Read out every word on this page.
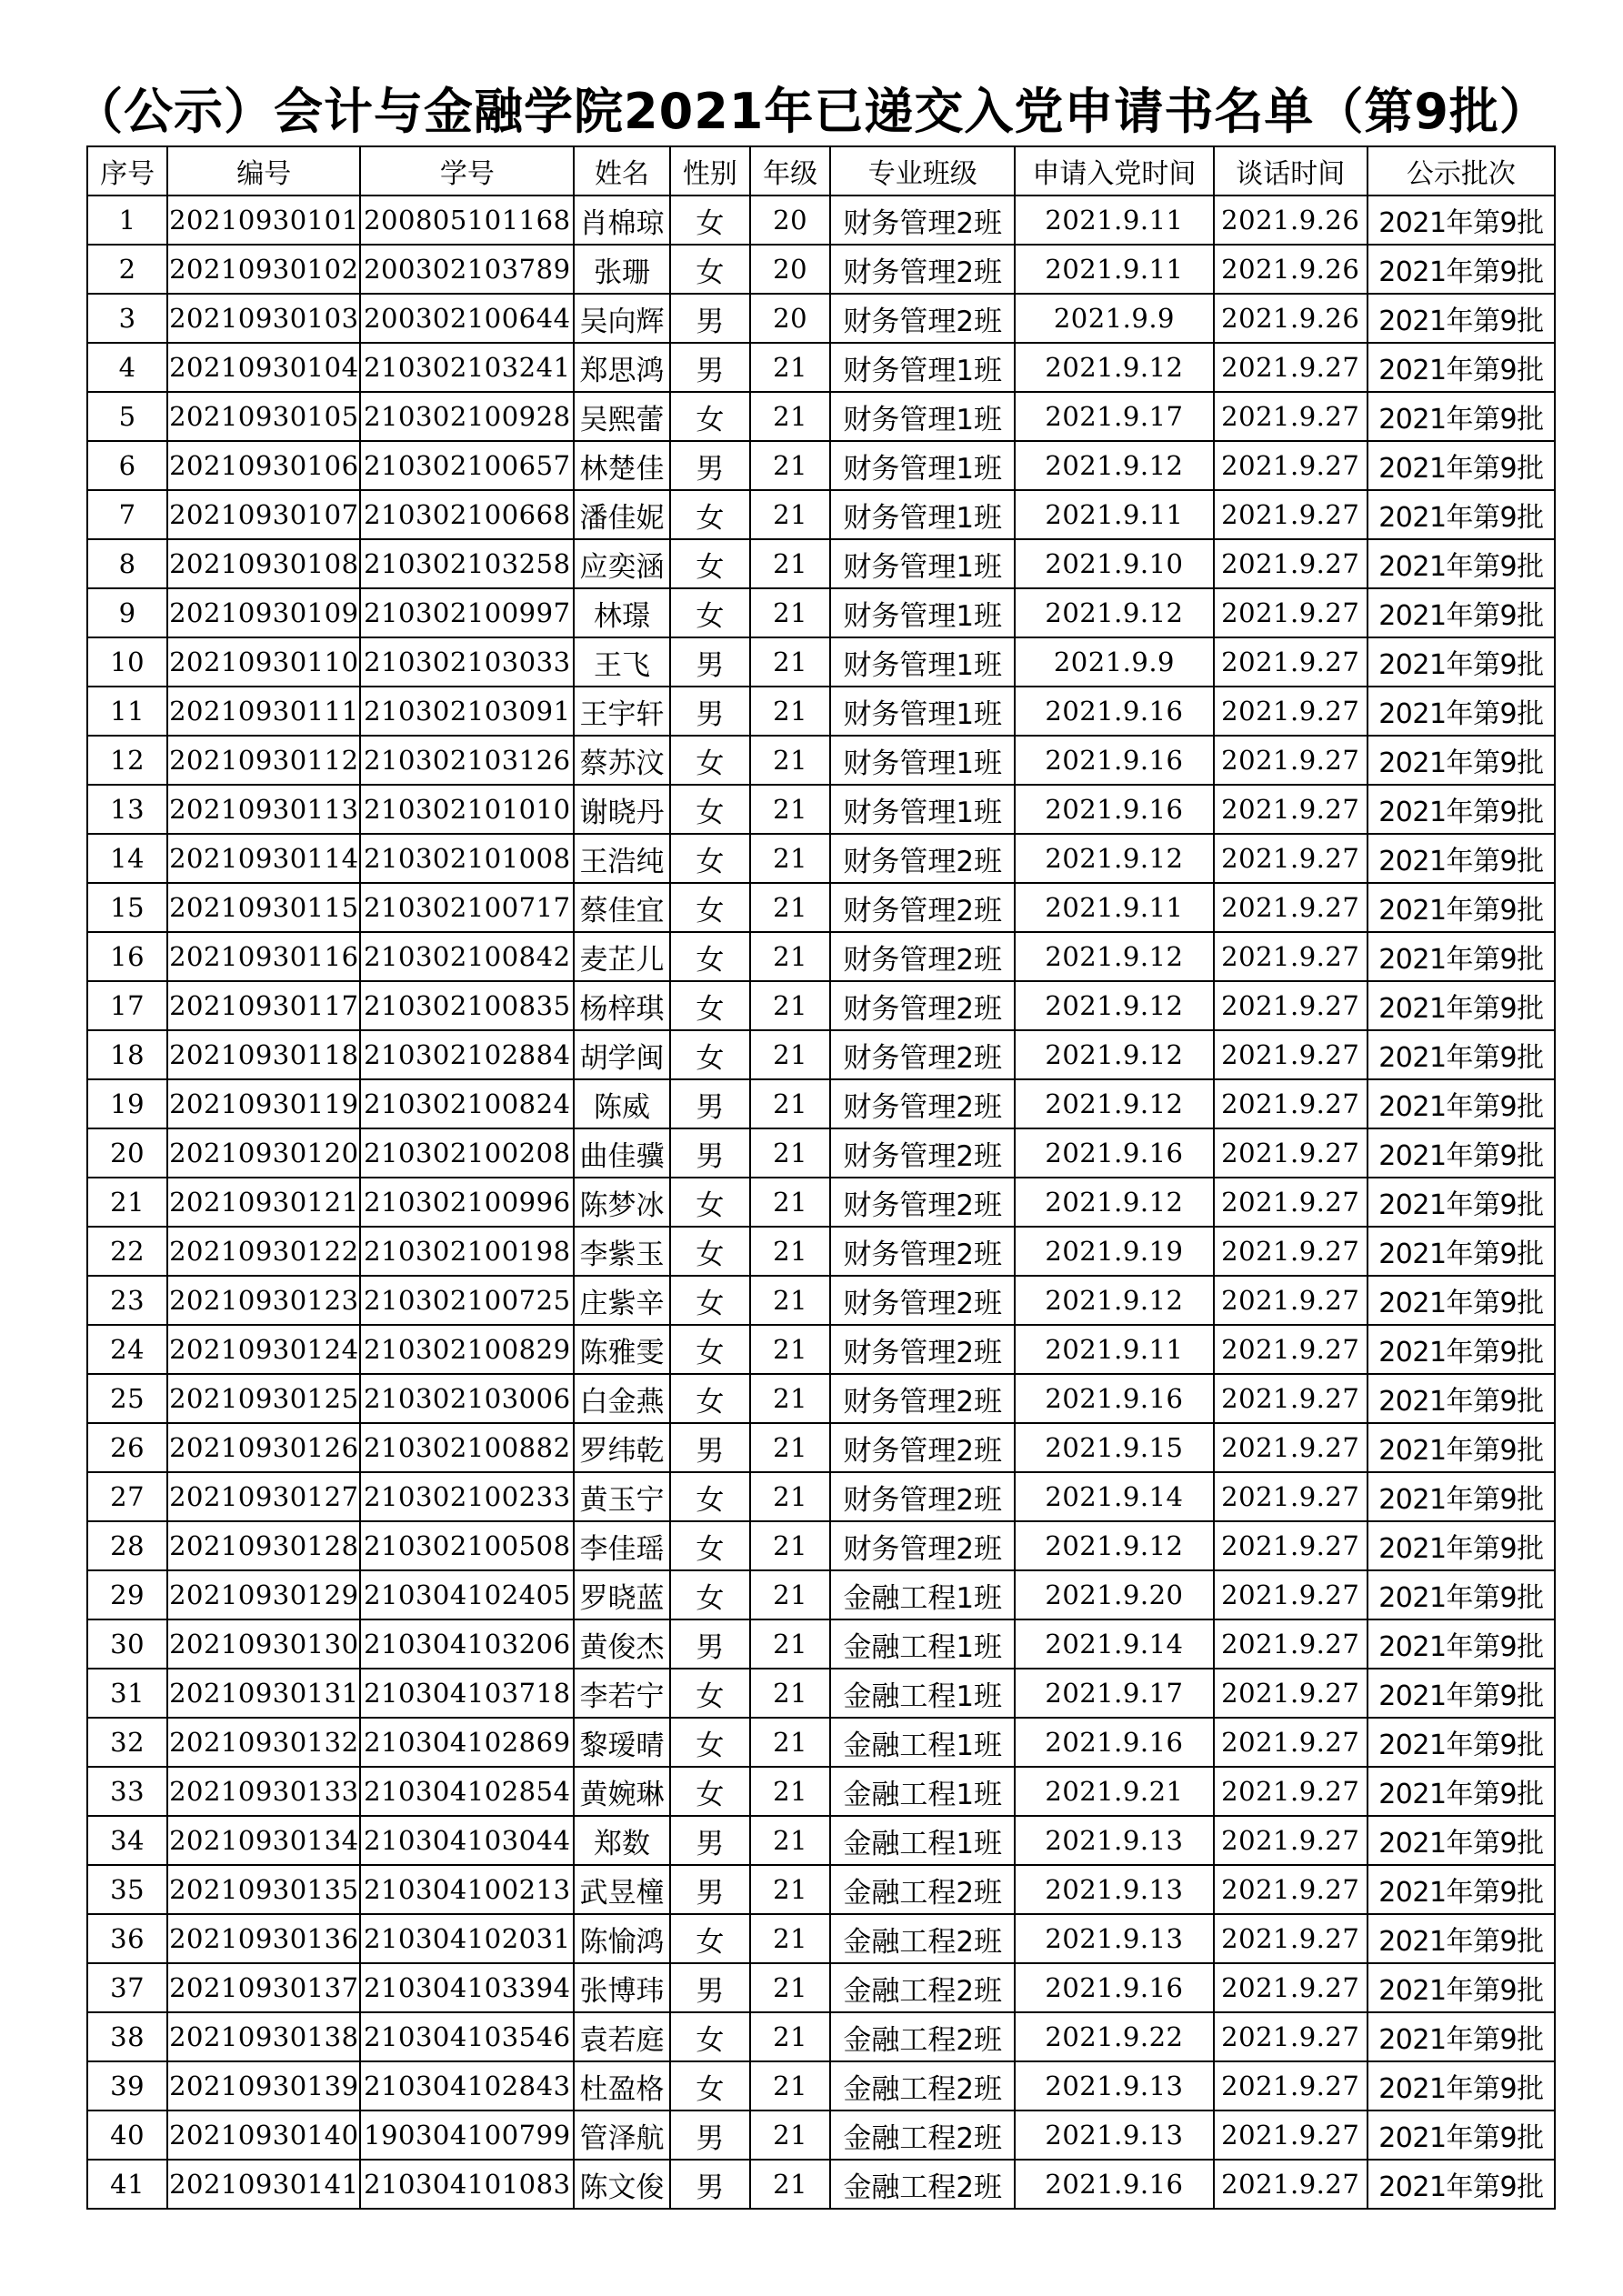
（公示）会计与金融学院2021年已递交入党申请书名单（第9批）
序号	编号	学号	姓名	性别	年级	专业班级	申请入党时间	谈话时间	公示批次
1	20210930101	200805101168	肖棉琼	女	20	财务管理2班	2021.9.11	2021.9.26	2021年第9批
2	20210930102	200302103789	张珊	女	20	财务管理2班	2021.9.11	2021.9.26	2021年第9批
3	20210930103	200302100644	吴向辉	男	20	财务管理2班	2021.9.9	2021.9.26	2021年第9批
4	20210930104	210302103241	郑思鸿	男	21	财务管理1班	2021.9.12	2021.9.27	2021年第9批
5	20210930105	210302100928	吴熙蕾	女	21	财务管理1班	2021.9.17	2021.9.27	2021年第9批
6	20210930106	210302100657	林楚佳	男	21	财务管理1班	2021.9.12	2021.9.27	2021年第9批
7	20210930107	210302100668	潘佳妮	女	21	财务管理1班	2021.9.11	2021.9.27	2021年第9批
8	20210930108	210302103258	应奕涵	女	21	财务管理1班	2021.9.10	2021.9.27	2021年第9批
9	20210930109	210302100997	林璟	女	21	财务管理1班	2021.9.12	2021.9.27	2021年第9批
10	20210930110	210302103033	王飞	男	21	财务管理1班	2021.9.9	2021.9.27	2021年第9批
11	20210930111	210302103091	王宇轩	男	21	财务管理1班	2021.9.16	2021.9.27	2021年第9批
12	20210930112	210302103126	蔡苏汶	女	21	财务管理1班	2021.9.16	2021.9.27	2021年第9批
13	20210930113	210302101010	谢晓丹	女	21	财务管理1班	2021.9.16	2021.9.27	2021年第9批
14	20210930114	210302101008	王浩纯	女	21	财务管理2班	2021.9.12	2021.9.27	2021年第9批
15	20210930115	210302100717	蔡佳宜	女	21	财务管理2班	2021.9.11	2021.9.27	2021年第9批
16	20210930116	210302100842	麦芷儿	女	21	财务管理2班	2021.9.12	2021.9.27	2021年第9批
17	20210930117	210302100835	杨梓琪	女	21	财务管理2班	2021.9.12	2021.9.27	2021年第9批
18	20210930118	210302102884	胡学闽	女	21	财务管理2班	2021.9.12	2021.9.27	2021年第9批
19	20210930119	210302100824	陈威	男	21	财务管理2班	2021.9.12	2021.9.27	2021年第9批
20	20210930120	210302100208	曲佳骥	男	21	财务管理2班	2021.9.16	2021.9.27	2021年第9批
21	20210930121	210302100996	陈梦冰	女	21	财务管理2班	2021.9.12	2021.9.27	2021年第9批
22	20210930122	210302100198	李紫玉	女	21	财务管理2班	2021.9.19	2021.9.27	2021年第9批
23	20210930123	210302100725	庄紫辛	女	21	财务管理2班	2021.9.12	2021.9.27	2021年第9批
24	20210930124	210302100829	陈雅雯	女	21	财务管理2班	2021.9.11	2021.9.27	2021年第9批
25	20210930125	210302103006	白金燕	女	21	财务管理2班	2021.9.16	2021.9.27	2021年第9批
26	20210930126	210302100882	罗纬乾	男	21	财务管理2班	2021.9.15	2021.9.27	2021年第9批
27	20210930127	210302100233	黄玉宁	女	21	财务管理2班	2021.9.14	2021.9.27	2021年第9批
28	20210930128	210302100508	李佳瑶	女	21	财务管理2班	2021.9.12	2021.9.27	2021年第9批
29	20210930129	210304102405	罗晓蓝	女	21	金融工程1班	2021.9.20	2021.9.27	2021年第9批
30	20210930130	210304103206	黄俊杰	男	21	金融工程1班	2021.9.14	2021.9.27	2021年第9批
31	20210930131	210304103718	李若宁	女	21	金融工程1班	2021.9.17	2021.9.27	2021年第9批
32	20210930132	210304102869	黎瑷晴	女	21	金融工程1班	2021.9.16	2021.9.27	2021年第9批
33	20210930133	210304102854	黄婉琳	女	21	金融工程1班	2021.9.21	2021.9.27	2021年第9批
34	20210930134	210304103044	郑数	男	21	金融工程1班	2021.9.13	2021.9.27	2021年第9批
35	20210930135	210304100213	武昱橦	男	21	金融工程2班	2021.9.13	2021.9.27	2021年第9批
36	20210930136	210304102031	陈愉鸿	女	21	金融工程2班	2021.9.13	2021.9.27	2021年第9批
37	20210930137	210304103394	张博玮	男	21	金融工程2班	2021.9.16	2021.9.27	2021年第9批
38	20210930138	210304103546	袁若庭	女	21	金融工程2班	2021.9.22	2021.9.27	2021年第9批
39	20210930139	210304102843	杜盈格	女	21	金融工程2班	2021.9.13	2021.9.27	2021年第9批
40	20210930140	190304100799	管泽航	男	21	金融工程2班	2021.9.13	2021.9.27	2021年第9批
41	20210930141	210304101083	陈文俊	男	21	金融工程2班	2021.9.16	2021.9.27	2021年第9批
